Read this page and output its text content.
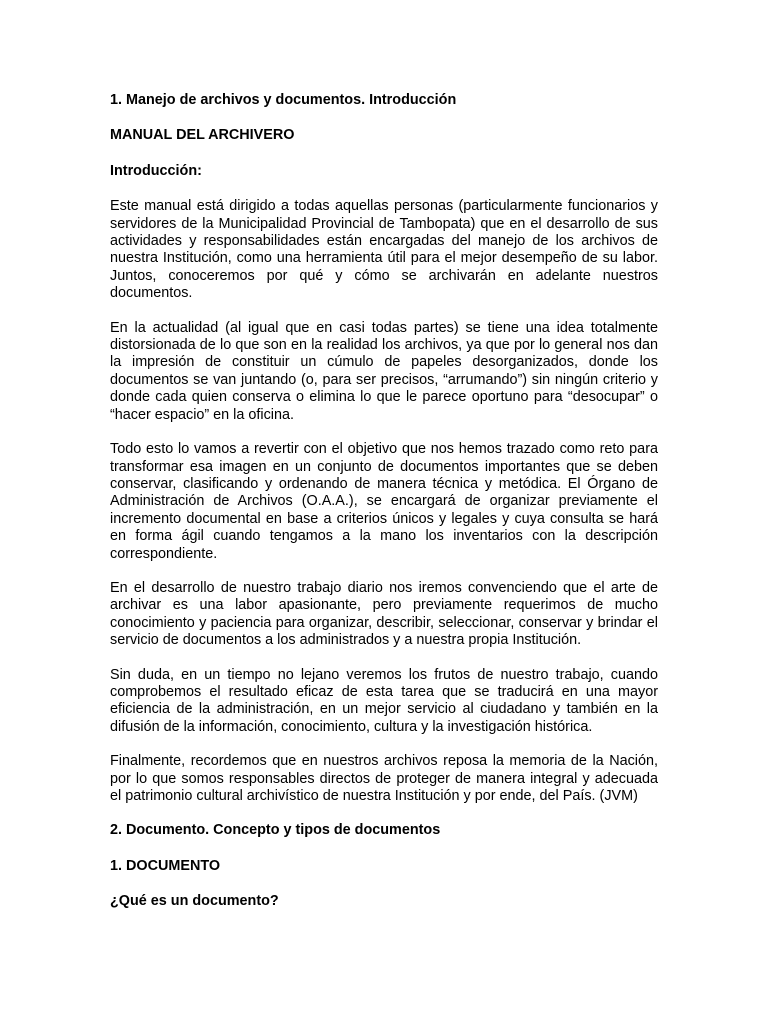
1. Manejo de archivos y documentos. Introducción
MANUAL DEL ARCHIVERO
Introducción:

Este manual está dirigido a todas aquellas personas (particularmente funcionarios y servidores de la Municipalidad Provincial de Tambopata) que en el desarrollo de sus actividades y responsabilidades están encargadas del manejo de los archivos de nuestra Institución, como una herramienta útil para el mejor desempeño de su labor. Juntos, conoceremos por qué y cómo se archivarán en adelante nuestros documentos.

En la actualidad (al igual que en casi todas partes) se tiene una idea totalmente distorsionada de lo que son en la realidad los archivos, ya que por lo general nos dan la impresión de constituir un cúmulo de papeles desorganizados, donde los documentos se van juntando (o, para ser precisos, “arrumando”) sin ningún criterio y donde cada quien conserva o elimina lo que le parece oportuno para “desocupar” o “hacer espacio” en la oficina.

Todo esto lo vamos a revertir con el objetivo que nos hemos trazado como reto para transformar esa imagen en un conjunto de documentos importantes que se deben conservar, clasificando y ordenando de manera técnica y metódica. El Órgano de Administración de Archivos (O.A.A.), se encargará de organizar previamente el incremento documental en base a criterios únicos y legales y cuya consulta se hará en forma ágil cuando tengamos a la mano los inventarios con la descripción correspondiente.

En el desarrollo de nuestro trabajo diario nos iremos convenciendo que el arte de archivar es una labor apasionante, pero previamente requerimos de mucho conocimiento y paciencia para organizar, describir, seleccionar, conservar y brindar el servicio de documentos a los administrados y a nuestra propia Institución.

Sin duda, en un tiempo no lejano veremos los frutos de nuestro trabajo, cuando comprobemos el resultado eficaz de esta tarea que se traducirá en una mayor eficiencia de la administración, en un mejor servicio al ciudadano y también en la difusión de la información, conocimiento, cultura y la investigación histórica.

Finalmente, recordemos que en nuestros archivos reposa la memoria de la Nación, por lo que somos responsables directos de proteger de manera integral y adecuada el patrimonio cultural archivístico de nuestra Institución y por ende, del País. (JVM)

2. Documento. Concepto y tipos de documentos
1. DOCUMENTO
¿Qué es un documento?
